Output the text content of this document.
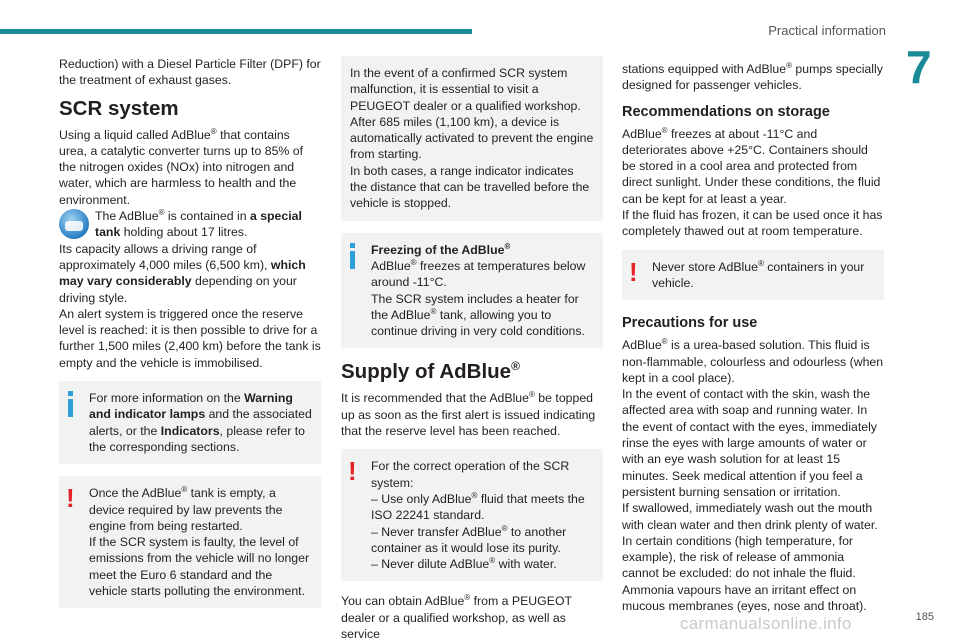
Practical information
7

Reduction) with a Diesel Particle Filter (DPF) for the treatment of exhaust gases.

SCR system

Using a liquid called AdBlue® that contains urea, a catalytic converter turns up to 85% of the nitrogen oxides (NOx) into nitrogen and water, which are harmless to health and the environment.

The AdBlue® is contained in a special tank holding about 17 litres.

Its capacity allows a driving range of approximately 4,000 miles (6,500 km), which may vary considerably depending on your driving style.

An alert system is triggered once the reserve level is reached: it is then possible to drive for a further 1,500 miles (2,400 km) before the tank is empty and the vehicle is immobilised.

For more information on the Warning and indicator lamps and the associated alerts, or the Indicators, please refer to the corresponding sections.

! Once the AdBlue® tank is empty, a device required by law prevents the engine from being restarted.

If the SCR system is faulty, the level of emissions from the vehicle will no longer meet the Euro 6 standard and the vehicle starts polluting the environment.

In the event of a confirmed SCR system malfunction, it is essential to visit a PEUGEOT dealer or a qualified workshop. After 685 miles (1,100 km), a device is automatically activated to prevent the engine from starting.

In both cases, a range indicator indicates the distance that can be travelled before the vehicle is stopped.

Freezing of the AdBlue®

AdBlue® freezes at temperatures below around -11°C.

The SCR system includes a heater for the AdBlue® tank, allowing you to continue driving in very cold conditions.

Supply of AdBlue®

It is recommended that the AdBlue® be topped up as soon as the first alert is issued indicating that the reserve level has been reached.

! For the correct operation of the SCR system:

– Use only AdBlue® fluid that meets the ISO 22241 standard.

– Never transfer AdBlue® to another container as it would lose its purity.

– Never dilute AdBlue® with water.

You can obtain AdBlue® from a PEUGEOT dealer or a qualified workshop, as well as service

stations equipped with AdBlue® pumps specially designed for passenger vehicles.

Recommendations on storage

AdBlue® freezes at about -11°C and deteriorates above +25°C. Containers should be stored in a cool area and protected from direct sunlight. Under these conditions, the fluid can be kept for at least a year.

If the fluid has frozen, it can be used once it has completely thawed out at room temperature.

! Never store AdBlue® containers in your vehicle.

Precautions for use

AdBlue® is a urea-based solution. This fluid is non-flammable, colourless and odourless (when kept in a cool place).

In the event of contact with the skin, wash the affected area with soap and running water. In the event of contact with the eyes, immediately rinse the eyes with large amounts of water or with an eye wash solution for at least 15 minutes. Seek medical attention if you feel a persistent burning sensation or irritation.

If swallowed, immediately wash out the mouth with clean water and then drink plenty of water.

In certain conditions (high temperature, for example), the risk of release of ammonia cannot be excluded: do not inhale the fluid. Ammonia vapours have an irritant effect on mucous membranes (eyes, nose and throat).

carmanualsonline.info	185
